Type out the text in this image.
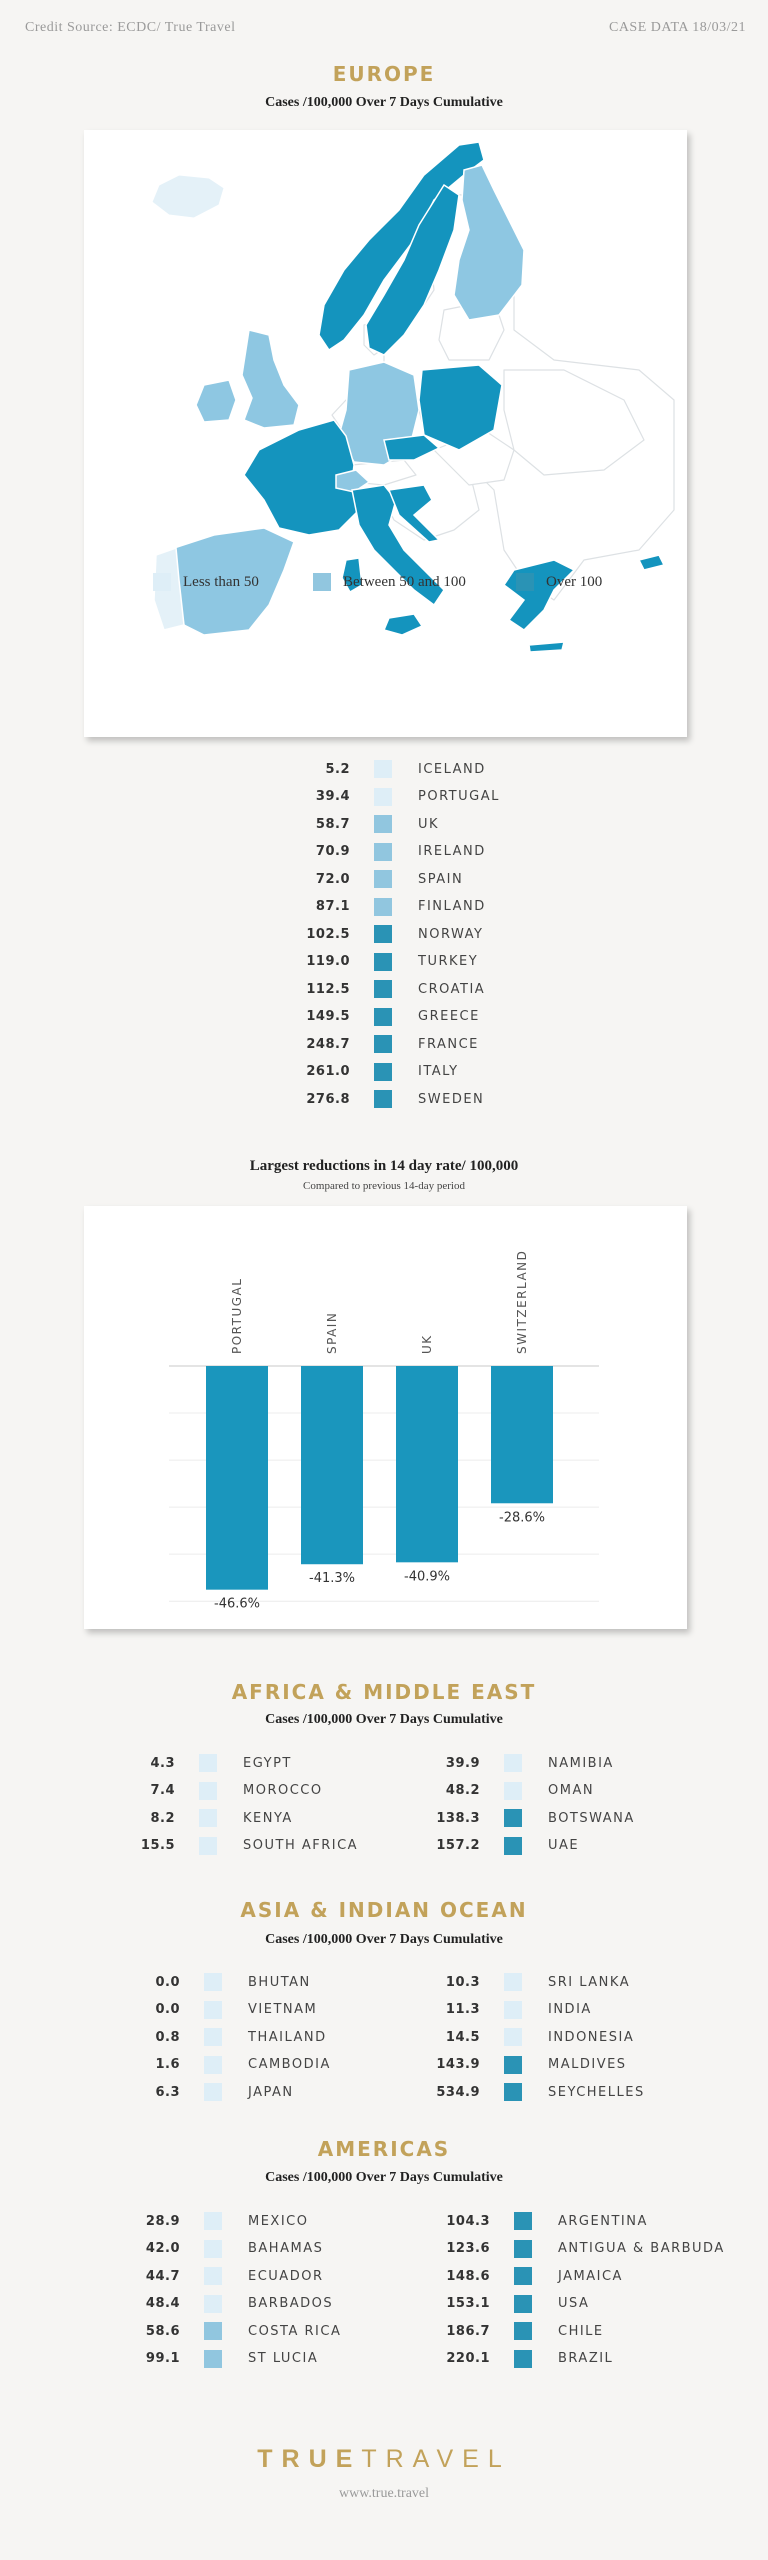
Credit Source: ECDC/ True Travel	CASE DATA 18/03/21
EUROPE
Cases /100,000 Over 7 Days Cumulative
Less than 50	Between 50 and 100	Over 100
5.2	ICELAND
39.4	PORTUGAL
58.7	UK
70.9	IRELAND
72.0	SPAIN
87.1	FINLAND
102.5	NORWAY
119.0	TURKEY
112.5	CROATIA
149.5	GREECE
248.7	FRANCE
261.0	ITALY
276.8	SWEDEN
Largest reductions in 14 day rate/ 100,000
Compared to previous 14-day period
PORTUGAL
-46.6%
SPAIN
-41.3%
UK
-40.9%
SWITZERLAND
-28.6%
AFRICA & MIDDLE EAST
Cases /100,000 Over 7 Days Cumulative
4.3	EGYPT
7.4	MOROCCO
8.2	KENYA
15.5	SOUTH AFRICA
39.9	NAMIBIA
48.2	OMAN
138.3	BOTSWANA
157.2	UAE
ASIA & INDIAN OCEAN
Cases /100,000 Over 7 Days Cumulative
0.0	BHUTAN
0.0	VIETNAM
0.8	THAILAND
1.6	CAMBODIA
6.3	JAPAN
10.3	SRI LANKA
11.3	INDIA
14.5	INDONESIA
143.9	MALDIVES
534.9	SEYCHELLES
AMERICAS
Cases /100,000 Over 7 Days Cumulative
28.9	MEXICO
42.0	BAHAMAS
44.7	ECUADOR
48.4	BARBADOS
58.6	COSTA RICA
99.1	ST LUCIA
104.3	ARGENTINA
123.6	ANTIGUA & BARBUDA
148.6	JAMAICA
153.1	USA
186.7	CHILE
220.1	BRAZIL
TRUETRAVEL
www.true.travel
